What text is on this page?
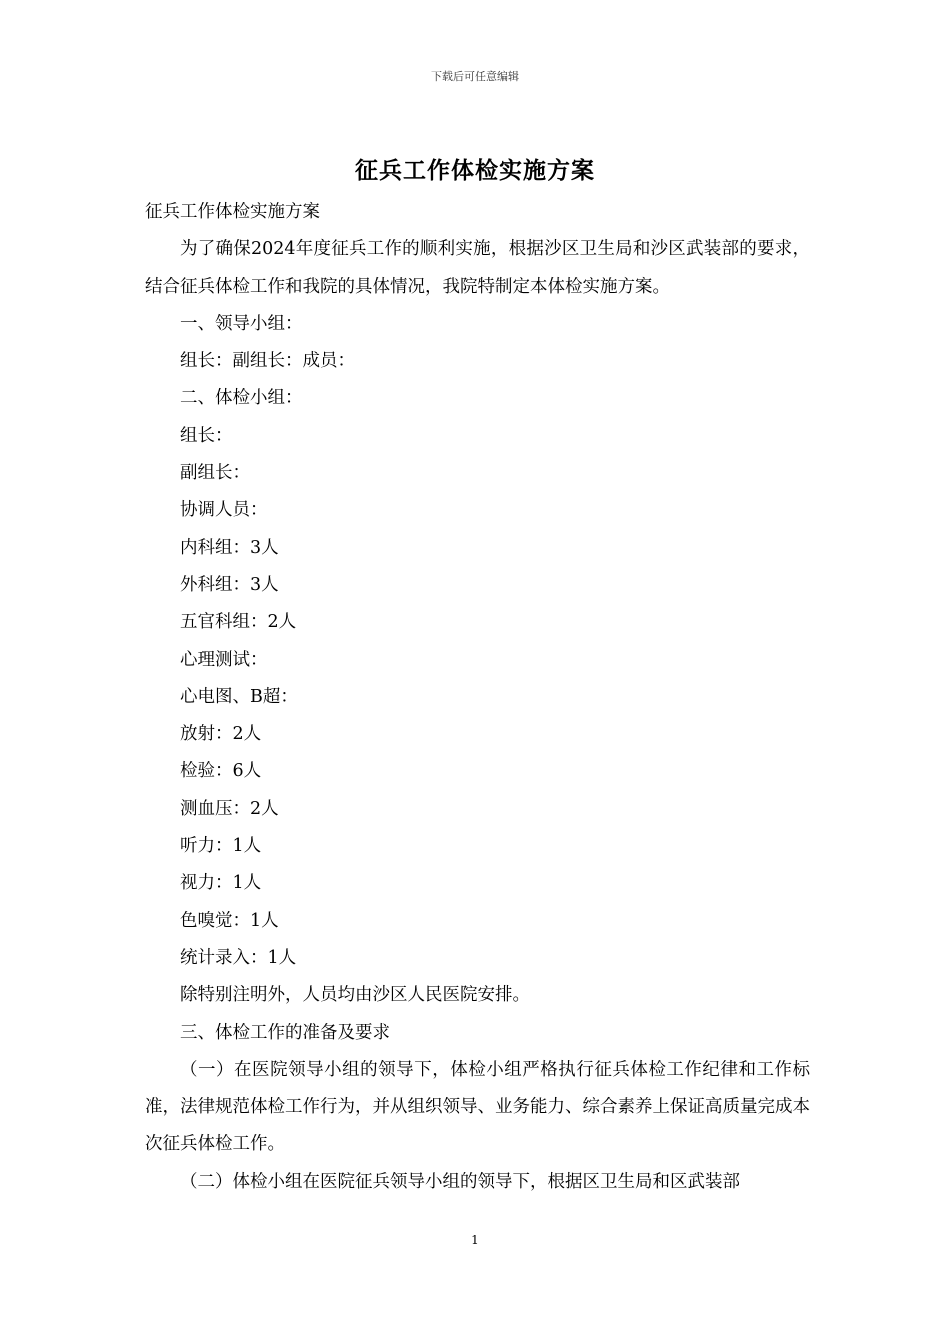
下载后可任意编辑
征兵工作体检实施方案

征兵工作体检实施方案

为了确保2024年度征兵工作的顺利实施，根据沙区卫生局和沙区武装部的要求，结合征兵体检工作和我院的具体情况，我院特制定本体检实施方案。

一、领导小组：

组长：副组长：成员：

二、体检小组：

组长：

副组长：

协调人员：

内科组：3人

外科组：3人

五官科组：2人

心理测试：

心电图、B超：

放射：2人

检验：6人

测血压：2人

听力：1人

视力：1人

色嗅觉：1人

统计录入：1人

除特别注明外，人员均由沙区人民医院安排。

三、体检工作的准备及要求

（一）在医院领导小组的领导下，体检小组严格执行征兵体检工作纪律和工作标准，法律规范体检工作行为，并从组织领导、业务能力、综合素养上保证高质量完成本次征兵体检工作。

（二）体检小组在医院征兵领导小组的领导下，根据区卫生局和区武装部

1
